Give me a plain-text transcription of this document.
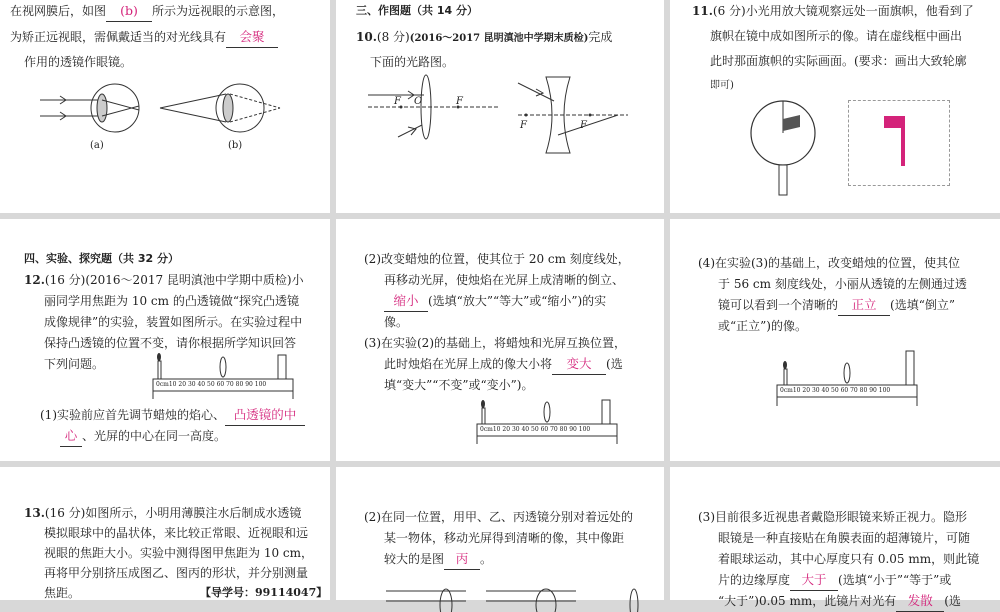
在视网膜后，如图 (b) 所示为远视眼的示意图，
为矫正远视眼，需佩戴适当的对光线具有 会聚
作用的透镜作眼镜。
(a)	(b)
三、作图题（共 14 分）
10.(8 分)(2016～2017 昆明滇池中学期末质检)完成
下面的光路图。
F O	F
F	F
11.(6 分)小光用放大镜观察远处一面旗帜，他看到了
旗帜在镜中成如图所示的像。请在虚线框中画出
此时那面旗帜的实际画面。(要求：画出大致轮廓
即可)
四、实验、探究题（共 32 分）
12.(16 分)(2016～2017 昆明滇池中学期中质检)小
丽同学用焦距为 10 cm 的凸透镜做“探究凸透镜
成像规律”的实验，装置如图所示。在实验过程中
保持凸透镜的位置不变，请你根据所学知识回答
下列问题。
0cm10 20 30 40 50 60 70 80 90 100
(1)实验前应首先调节蜡烛的焰心、 凸透镜的中
心 、光屏的中心在同一高度。
(2)改变蜡烛的位置，使其位于 20 cm 刻度线处，
再移动光屏，使烛焰在光屏上成清晰的倒立、
缩小 (选填“放大”“等大”或“缩小”)的实
像。
(3)在实验(2)的基础上，将蜡烛和光屏互换位置，
此时烛焰在光屏上成的像大小将 变大 (选
填“变大”“不变”或“变小”)。
0cm10 20 30 40 50 60 70 80 90 100
(4)在实验(3)的基础上，改变蜡烛的位置，使其位
于 56 cm 刻度线处，小丽从透镜的左侧通过透
镜可以看到一个清晰的 正立 (选填“倒立”
或“正立”)的像。
0cm10 20 30 40 50 60 70 80 90 100
13.(16 分)如图所示，小明用薄膜注水后制成水透镜
模拟眼球中的晶状体，来比较正常眼、近视眼和远
视眼的焦距大小。实验中测得图甲焦距为 10 cm，
再将甲分别挤压成图乙、图丙的形状，并分别测量
焦距。	【导学号：99114047】
(2)在同一位置，用甲、乙、丙透镜分别对着远处的
某一物体，移动光屏得到清晰的像，其中像距
较大的是图 丙 。
(3)目前很多近视患者戴隐形眼镜来矫正视力。隐形
眼镜是一种直接贴在角膜表面的超薄镜片，可随
着眼球运动，其中心厚度只有 0.05 mm，则此镜
片的边缘厚度 大于 (选填“小于”“等于”或
“大于”)0.05 mm，此镜片对光有 发散 (选
